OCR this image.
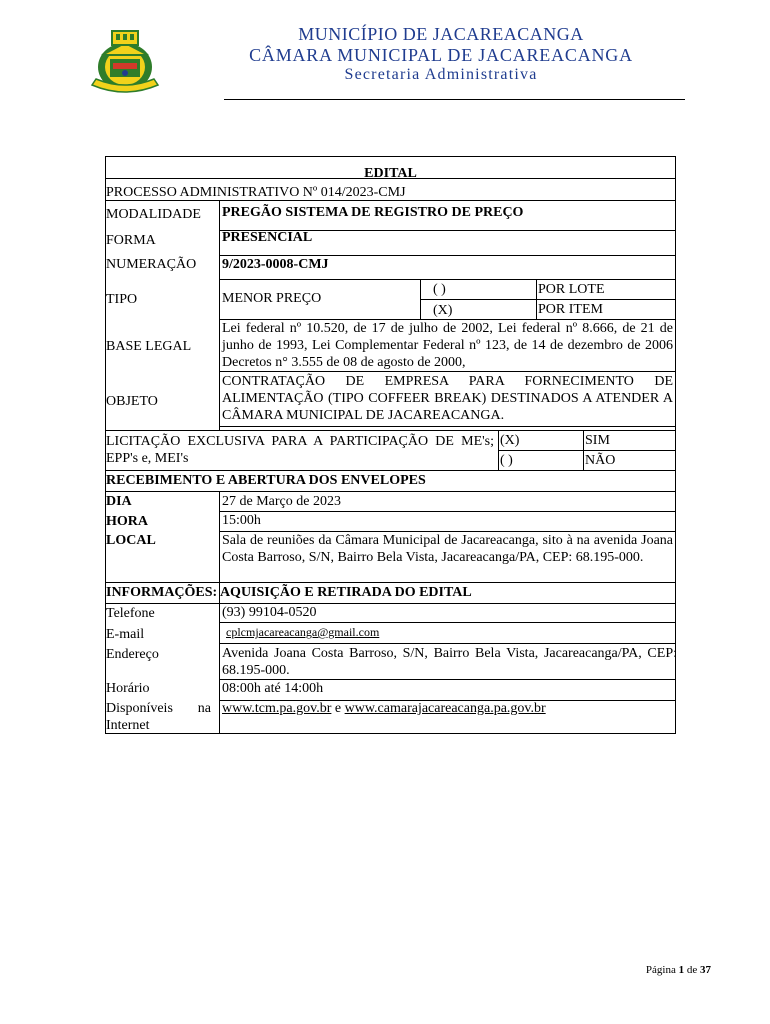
MUNICÍPIO DE JACAREACANGA
CÂMARA MUNICIPAL DE JACAREACANGA
Secretaria Administrativa
EDITAL
PROCESSO ADMINISTRATIVO Nº 014/2023-CMJ
MODALIDADE PREGÃO SISTEMA DE REGISTRO DE PREÇO
FORMA	PRESENCIAL
NUMERAÇÃO 9/2023-0008-CMJ
TIPO	MENOR PREÇO
( )	POR LOTE
(X)	POR ITEM
BASE LEGAL
Lei federal nº 10.520, de 17 de julho de 2002, Lei federal nº 8.666, de 21 de junho de 1993, Lei Complementar Federal nº 123, de 14 de dezembro de 2006 Decretos n° 3.555 de 08 de agosto de 2000,
OBJETO
CONTRATAÇÃO DE EMPRESA PARA FORNECIMENTO DE ALIMENTAÇÃO (TIPO COFFEER BREAK) DESTINADOS A ATENDER A CÂMARA MUNICIPAL DE JACAREACANGA.
LICITAÇÃO EXCLUSIVA PARA A PARTICIPAÇÃO DE ME's; EPP's e, MEI's
(X)	SIM
( )	NÃO
RECEBIMENTO E ABERTURA DOS ENVELOPES
DIA	27 de Março de 2023
HORA	15:00h
LOCAL	Sala de reuniões da Câmara Municipal de Jacareacanga, sito à na avenida Joana Costa Barroso, S/N, Bairro Bela Vista, Jacareacanga/PA, CEP: 68.195-000.
INFORMAÇÕES: AQUISIÇÃO E RETIRADA DO EDITAL
Telefone	(93) 99104-0520
E-mail	cplcmjacareacanga@gmail.com
Endereço	Avenida Joana Costa Barroso, S/N, Bairro Bela Vista, Jacareacanga/PA, CEP: 68.195-000.
Horário	08:00h até 14:00h
Disponíveis na Internet
www.tcm.pa.gov.br e www.camarajacareacanga.pa.gov.br
Página 1 de 37
